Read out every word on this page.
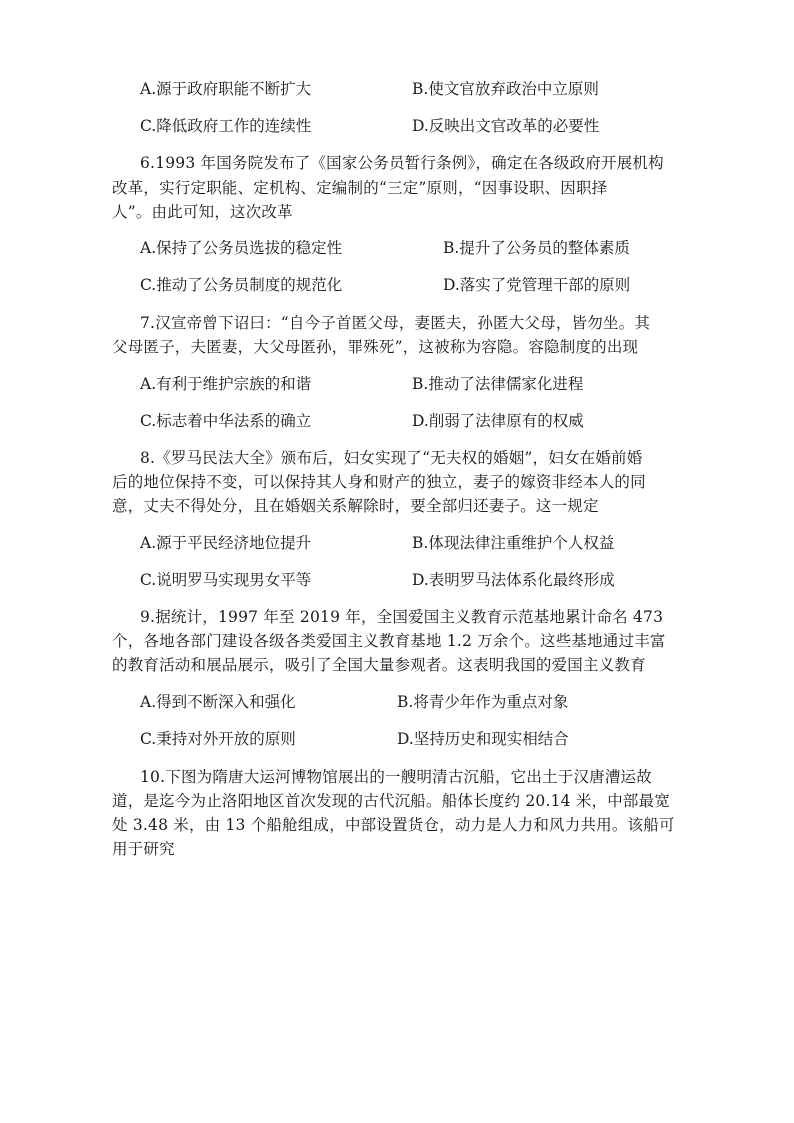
A.源于政府职能不断扩大	B.使文官放弃政治中立原则
C.降低政府工作的连续性	D.反映出文官改革的必要性
6.1993 年国务院发布了《国家公务员暂行条例》，确定在各级政府开展机构
改革，实行定职能、定机构、定编制的“三定”原则，“因事设职、因职择
人”。由此可知，这次改革
A.保持了公务员选拔的稳定性	B.提升了公务员的整体素质
C.推动了公务员制度的规范化	D.落实了党管理干部的原则
7.汉宣帝曾下诏曰：“自今子首匿父母，妻匿夫，孙匿大父母，皆勿坐。其
父母匿子，夫匿妻，大父母匿孙，罪殊死”，这被称为容隐。容隐制度的出现
A.有利于维护宗族的和谐	B.推动了法律儒家化进程
C.标志着中华法系的确立	D.削弱了法律原有的权威
8.《罗马民法大全》颁布后，妇女实现了“无夫权的婚姻”，妇女在婚前婚
后的地位保持不变，可以保持其人身和财产的独立，妻子的嫁资非经本人的同
意，丈夫不得处分，且在婚姻关系解除时，要全部归还妻子。这一规定
A.源于平民经济地位提升	B.体现法律注重维护个人权益
C.说明罗马实现男女平等	D.表明罗马法体系化最终形成
9.据统计，1997 年至 2019 年，全国爱国主义教育示范基地累计命名 473
个，各地各部门建设各级各类爱国主义教育基地 1.2 万余个。这些基地通过丰富
的教育活动和展品展示，吸引了全国大量参观者。这表明我国的爱国主义教育
A.得到不断深入和强化	B.将青少年作为重点对象
C.秉持对外开放的原则	D.坚持历史和现实相结合
10.下图为隋唐大运河博物馆展出的一艘明清古沉船，它出土于汉唐漕运故
道，是迄今为止洛阳地区首次发现的古代沉船。船体长度约 20.14 米，中部最宽
处 3.48 米，由 13 个船舱组成，中部设置货仓，动力是人力和风力共用。该船可
用于研究
